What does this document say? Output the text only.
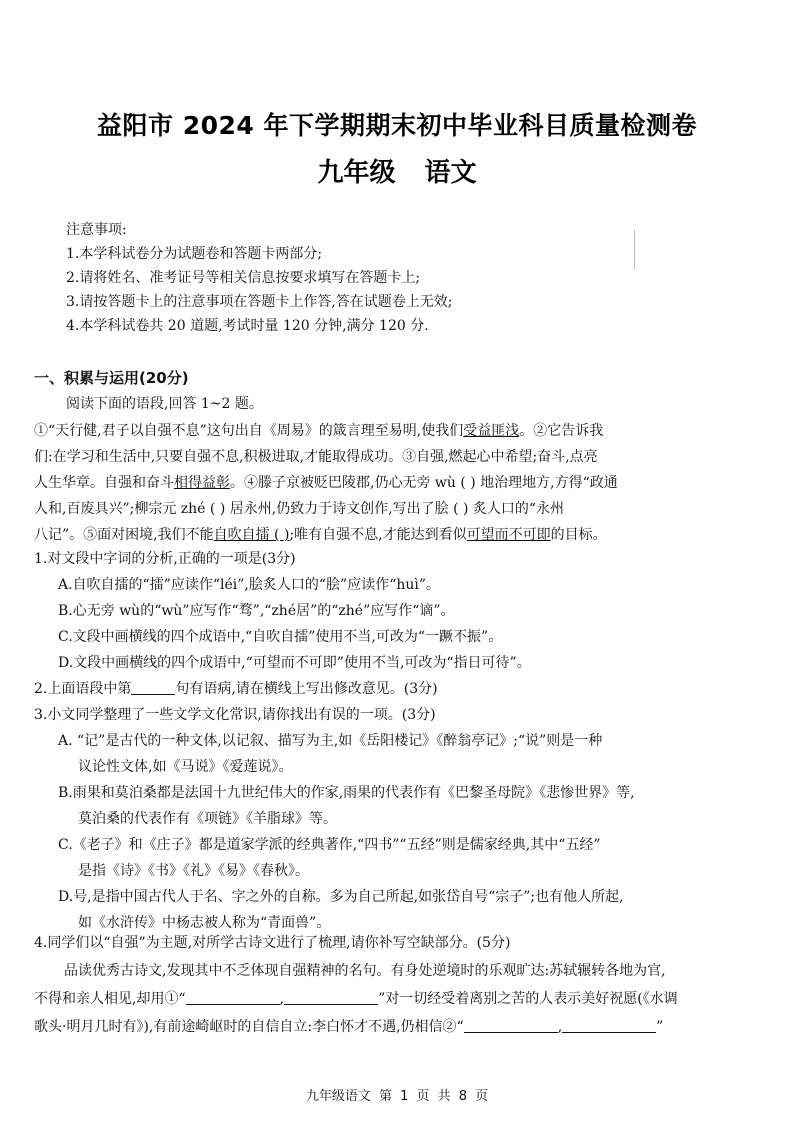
益阳市 2024 年下学期期末初中毕业科目质量检测卷
九年级 语文
注意事项:
1.本学科试卷分为试题卷和答题卡两部分;
2.请将姓名、准考证号等相关信息按要求填写在答题卡上;
3.请按答题卡上的注意事项在答题卡上作答,答在试题卷上无效;
4.本学科试卷共 20 道题,考试时量 120 分钟,满分 120 分.
一、积累与运用(20分)
阅读下面的语段,回答 1~2 题。

①“天行健,君子以自强不息”这句出自《周易》的箴言理至易明,使我们受益匪浅。②它告诉我

们:在学习和生活中,只要自强不息,积极进取,才能取得成功。③自强,燃起心中希望;奋斗,点亮

人生华章。自强和奋斗相得益彰。④滕子京被贬巴陵郡,仍心无旁 wù ( ) 地治理地方,方得“政通

人和,百废具兴”;柳宗元 zhé ( ) 居永州,仍致力于诗文创作,写出了脍 ( ) 炙人口的“永州

八记”。⑤面对困境,我们不能自吹自擂 ( );唯有自强不息,才能达到看似可望而不可即的目标。

1.对文段中字词的分析,正确的一项是(3分)
A.自吹自擂的“擂”应读作“léi”,脍炙人口的“脍”应读作“huì”。
B.心无旁 wù的“wù”应写作“骛”,“zhé居”的“zhé”应写作“谪”。
C.文段中画横线的四个成语中,“自吹自擂”使用不当,可改为“一蹶不振”。
D.文段中画横线的四个成语中,“可望而不可即”使用不当,可改为“指日可待”。
2.上面语段中第	句有语病,请在横线上写出修改意见。(3分)
3.小文同学整理了一些文学文化常识,请你找出有误的一项。(3分)
A. “记”是古代的一种文体,以记叙、描写为主,如《岳阳楼记》《醉翁亭记》;“说”则是一种
议论性文体,如《马说》《爱莲说》。
B.雨果和莫泊桑都是法国十九世纪伟大的作家,雨果的代表作有《巴黎圣母院》《悲惨世界》等,
莫泊桑的代表作有《项链》《羊脂球》等。
C.《老子》和《庄子》都是道家学派的经典著作,“四书”“五经”则是儒家经典,其中“五经”
是指《诗》《书》《礼》《易》《春秋》。
D.号,是指中国古代人于名、字之外的自称。多为自己所起,如张岱自号“宗子”;也有他人所起,
如《水浒传》中杨志被人称为“青面兽”。
4.同学们以“自强”为主题,对所学古诗文进行了梳理,请你补写空缺部分。(5分)

品读优秀古诗文,发现其中不乏体现自强精神的名句。有身处逆境时的乐观旷达:苏轼辗转各地为官,

不得和亲人相见,却用①“	,	”对一切经受着离别之苦的人表示美好祝愿(《水调

歌头·明月几时有》),有前途崎岖时的自信自立:李白怀才不遇,仍相信②“	,	”

九年级语文 第 1 页 共 8 页
